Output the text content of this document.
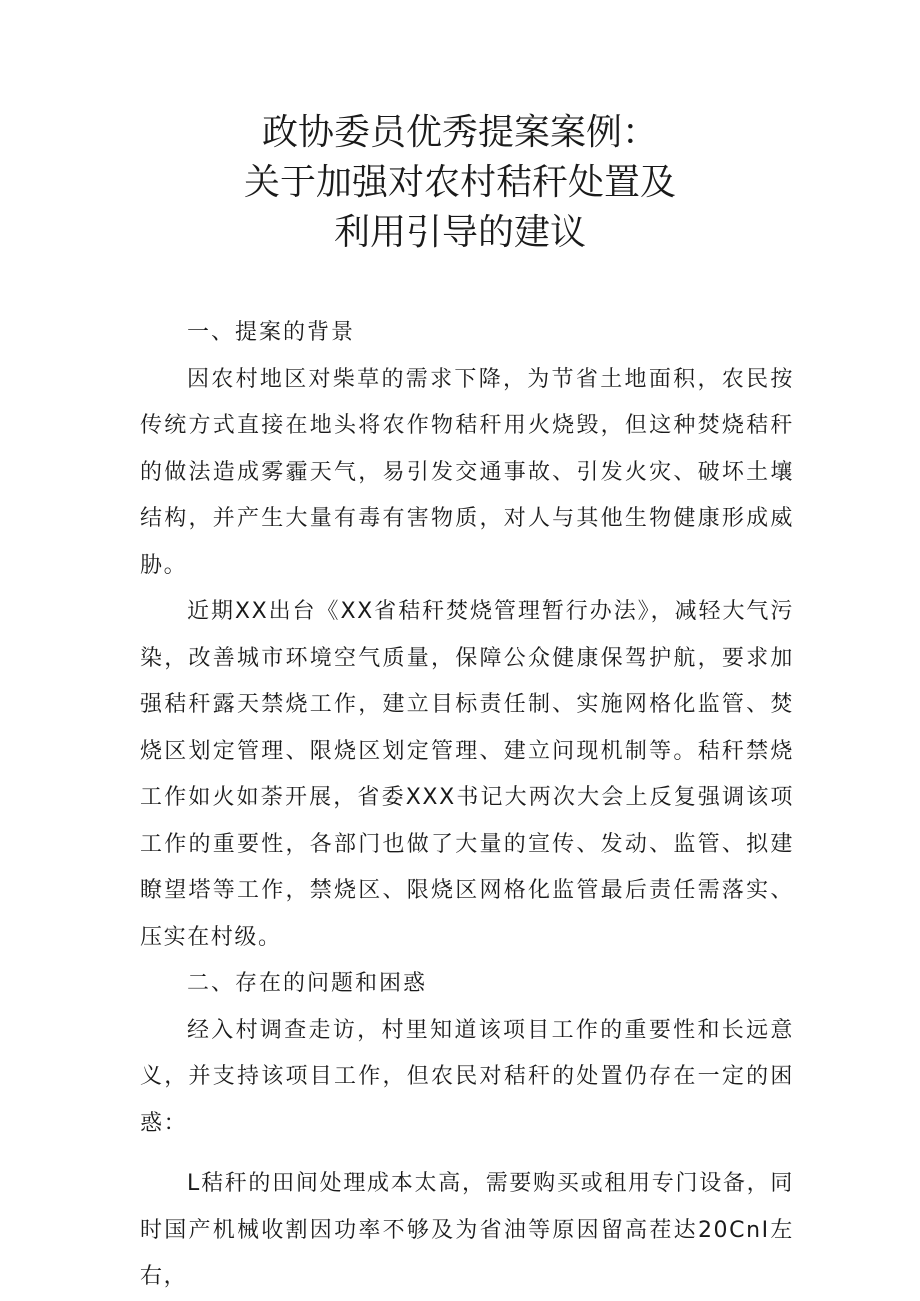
政协委员优秀提案案例：
关于加强对农村秸秆处置及
利用引导的建议

一、提案的背景

因农村地区对柴草的需求下降，为节省土地面积，农民按传统方式直接在地头将农作物秸秆用火烧毁，但这种焚烧秸秆的做法造成雾霾天气，易引发交通事故、引发火灾、破坏土壤结构，并产生大量有毒有害物质，对人与其他生物健康形成威胁。

近期XX出台《XX省秸秆焚烧管理暂行办法》，减轻大气污染，改善城市环境空气质量，保障公众健康保驾护航，要求加强秸秆露天禁烧工作，建立目标责任制、实施网格化监管、焚烧区划定管理、限烧区划定管理、建立问现机制等。秸秆禁烧工作如火如荼开展，省委XXX书记大两次大会上反复强调该项工作的重要性，各部门也做了大量的宣传、发动、监管、拟建瞭望塔等工作，禁烧区、限烧区网格化监管最后责任需落实、压实在村级。

二、存在的问题和困惑

经入村调查走访，村里知道该项目工作的重要性和长远意义，并支持该项目工作，但农民对秸秆的处置仍存在一定的困惑：

L秸秆的田间处理成本太高，需要购买或租用专门设备，同时国产机械收割因功率不够及为省油等原因留高茬达20CnI左右，
